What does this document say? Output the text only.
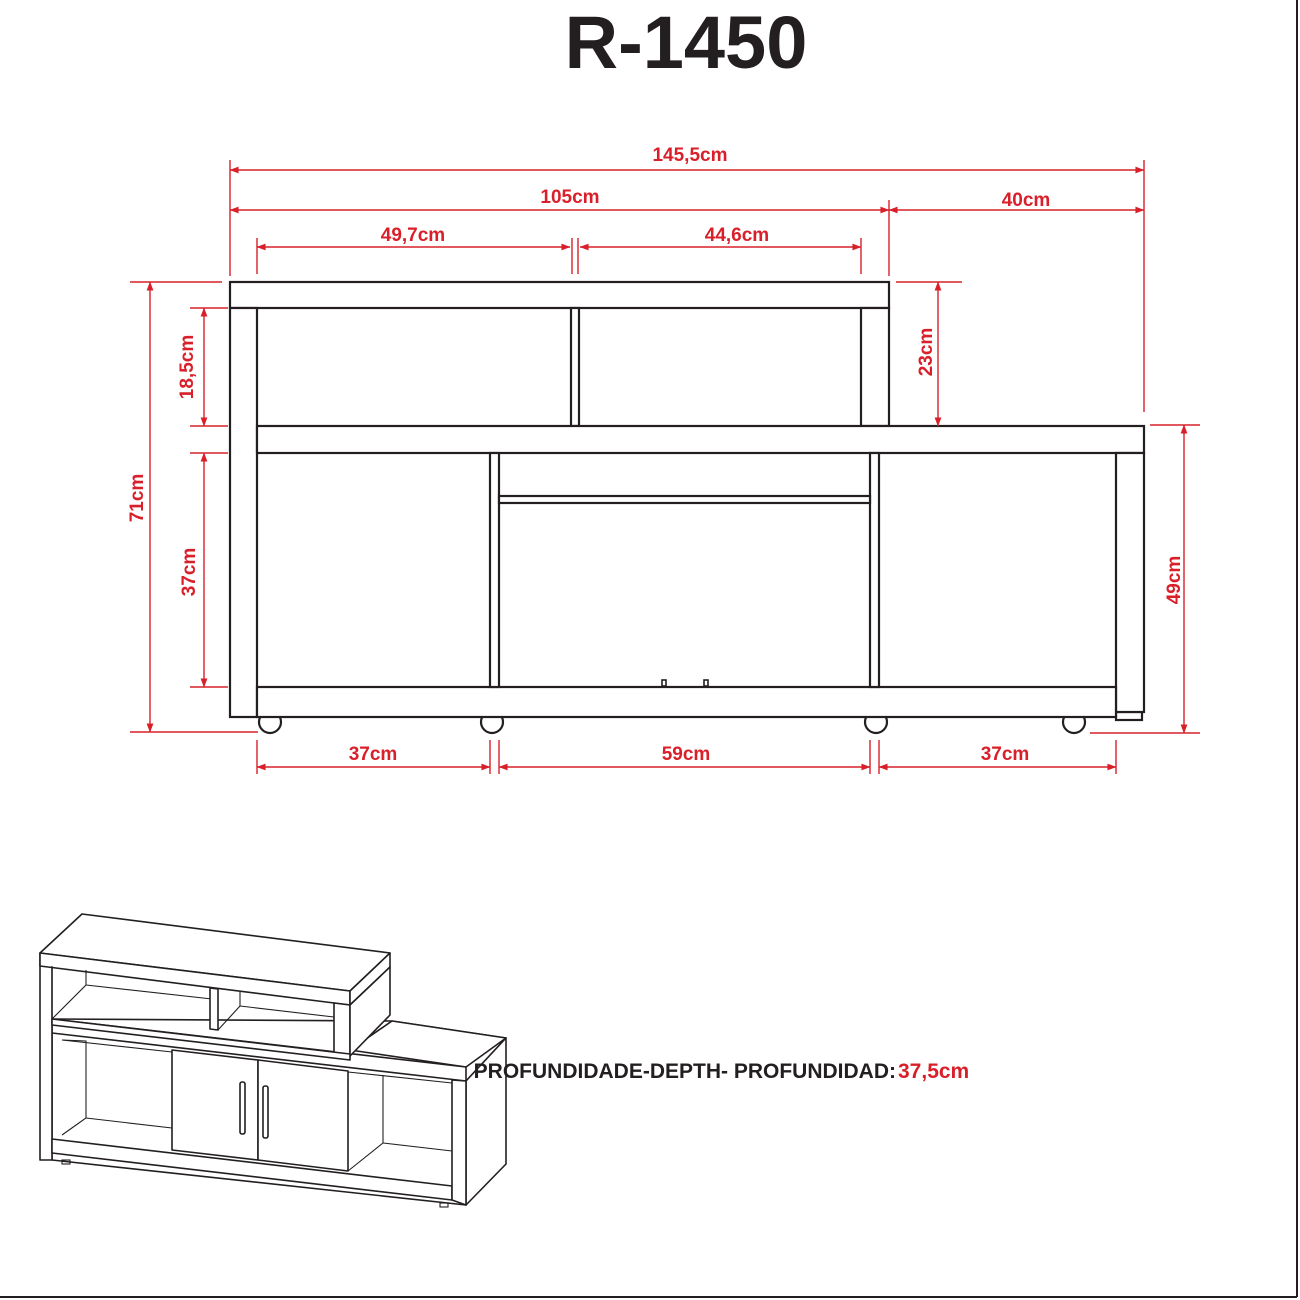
R-1450
145,5cm
105cm	40cm
49,7cm	44,6cm
37cm	59cm	37cm
71cm
18,5cm
37cm
23cm
49cm
PROFUNDIDADE-DEPTH- PROFUNDIDAD: 37,5cm
